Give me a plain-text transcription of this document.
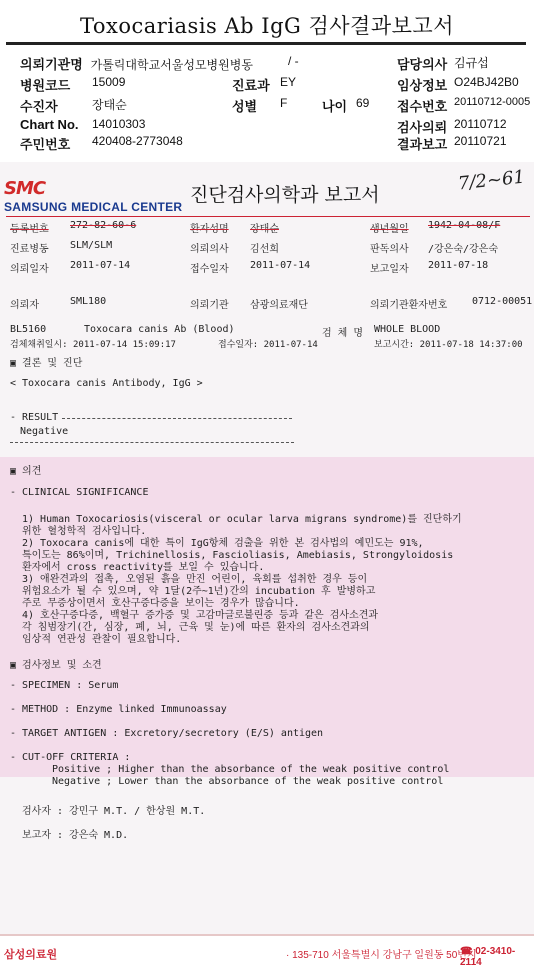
Toxocariasis Ab IgG 검사결과보고서
의뢰기관명 가톨릭대학교서울성모병원병동
병원코드 15009
수진자	장태순
Chart No. 14010303
주민번호 420408-2773048
/ -
진료과 EY
성별 F	나이 69
담당의사 김규섭
임상정보 O24BJ42B0
접수번호 20110712-0005
검사의뢰 20110712
결과보고 20110721
SMC
SAMSUNG MEDICAL CENTER
진단검사의학과 보고서
7/2~61
등록번호 272-82-60-6	환자성명 장태순	생년월일 1942-04-08/F
진료병동 SLM/SLM	의뢰의사 김선희	판독의사 /강은숙/강은숙
의뢰일자 2011-07-14	접수일자 2011-07-14	보고일자 2011-07-18
의뢰자	SML180	의뢰기관 삼광의료재단	의뢰기관환자번호 0712-00051
BL5160	Toxocara canis Ab (Blood)	검 체 명 WHOLE BLOOD
검체채취일시: 2011-07-14 15:09:17	접수일자: 2011-07-14	보고시간: 2011-07-18 14:37:00
▣ 결론 및 진단
< Toxocara canis Antibody, IgG >
- RESULT
Negative
▣ 의견
- CLINICAL SIGNIFICANCE
1) Human Toxocariosis(visceral or ocular larva migrans syndrome)를 진단하기
위한 혈청학적 검사입니다.
2) Toxocara canis에 대한 특이 IgG항체 검출을 위한 본 검사법의 예민도는 91%,
특이도는 86%이며, Trichinellosis, Fascioliasis, Amebiasis, Strongyloidosis
환자에서 cross reactivity를 보일 수 있습니다.
3) 애완견과의 접촉, 오염된 흙을 만진 어린이, 육회를 섭취한 경우 등이
위험요소가 될 수 있으며, 약 1달(2주~1년)간의 incubation 후 발병하고
주로 무증상이면서 호산구증다증을 보이는 경우가 많습니다.
4) 호산구증다증, 백혈구 증가증 및 고감마글로불린증 등과 같은 검사소견과
각 침범장기(간, 심장, 폐, 뇌, 근육 및 눈)에 따른 환자의 검사소견과의
임상적 연관성 관찰이 필요합니다.
▣ 검사정보 및 소견
- SPECIMEN : Serum
- METHOD : Enzyme linked Immunoassay
- TARGET ANTIGEN : Excretory/secretory (E/S) antigen
- CUT-OFF CRITERIA :
Positive ; Higher than the absorbance of the weak positive control
Negative ; Lower than the absorbance of the weak positive control
검사자 : 강민구 M.T. / 한상원 M.T.
보고자 : 강은숙 M.D.
삼성의료원	· 135-710 서울특별시 강남구 일원동 50번지
☎ 02-3410-2114
